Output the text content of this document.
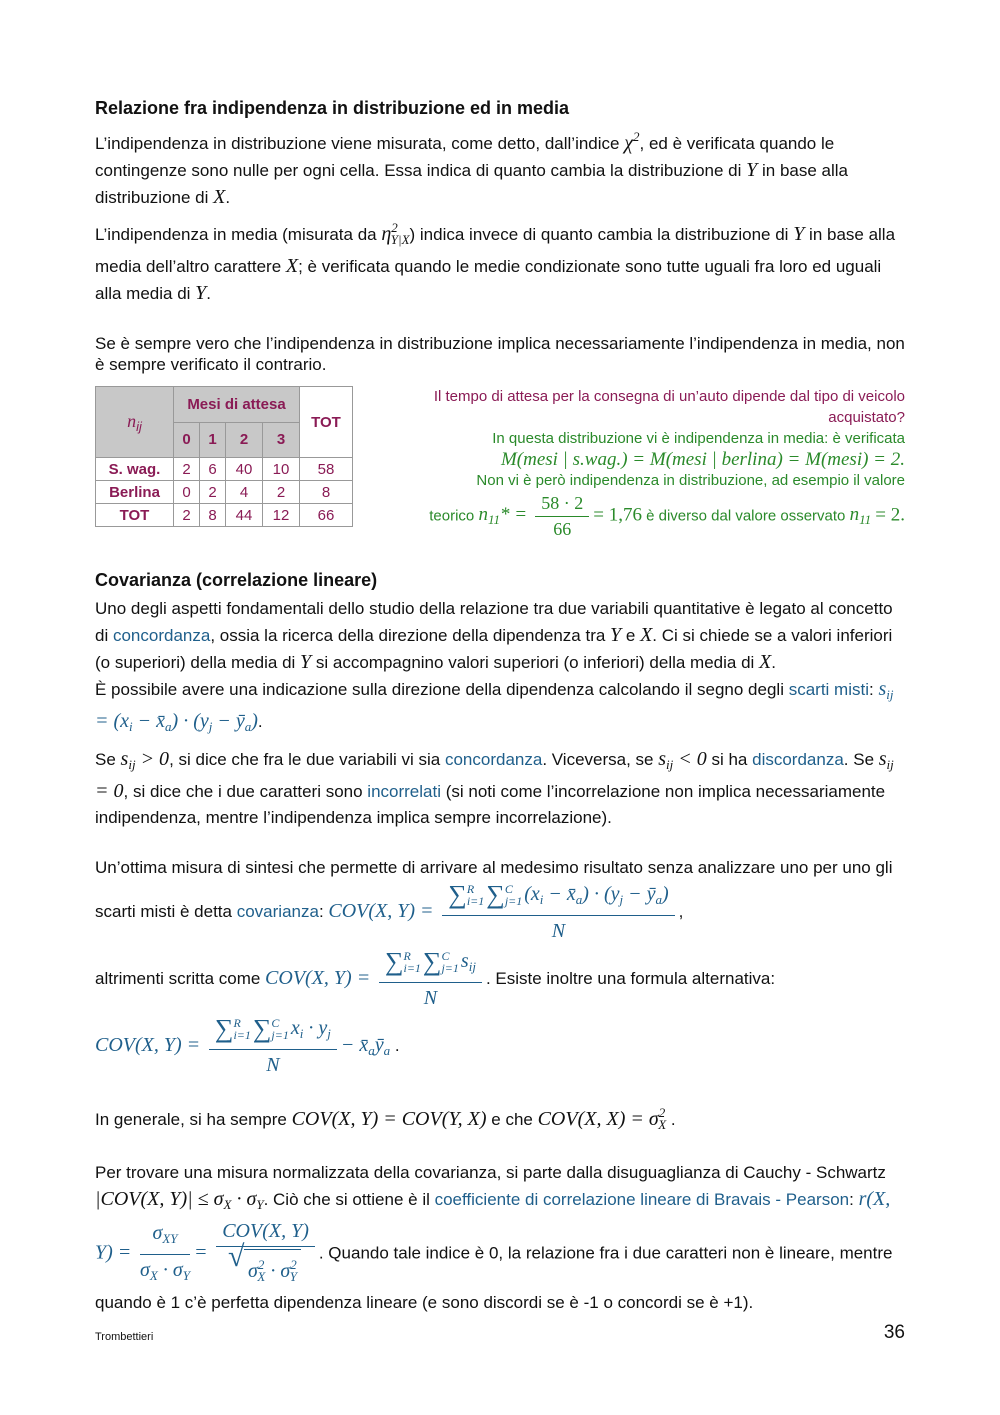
Relazione fra indipendenza in distribuzione ed in media

L’indipendenza in distribuzione viene misurata, come detto, dall’indice $\chi^2$, ed è verificata quando le contingenze sono nulle per ogni cella. Essa indica di quanto cambia la distribuzione di Y in base alla distribuzione di X.

L’indipendenza in media (misurata da $\eta^2_{Y|X}$) indica invece di quanto cambia la distribuzione di Y in base alla media dell’altro carattere X; è verificata quando le medie condizionate sono tutte uguali fra loro ed uguali alla media di Y.

Se è sempre vero che l’indipendenza in distribuzione implica necessariamente l’indipendenza in media, non è sempre verificato il contrario.

nij	Mesi di attesa				TOT
	0	1	2	3	
S. wag.	2	6	40	10	58
Berlina	0	2	4	2	8
TOT	2	8	44	12	66
Il tempo di attesa per la consegna di un’auto dipende dal tipo di veicolo acquistato?
In questa distribuzione vi è indipendenza in media: è verificata
M(mesi | s.wag.) = M(mesi | berlina) = M(mesi) = 2.
Non vi è però indipendenza in distribuzione, ad esempio il valore
teorico $n_{11}* = \frac{58 \cdot 2}{66} = 1,76$ è diverso dal valore osservato $n_{11} = 2$.
Covarianza (correlazione lineare)

Uno degli aspetti fondamentali dello studio della relazione tra due variabili quantitative è legato al concetto di concordanza, ossia la ricerca della direzione della dipendenza tra Y e X. Ci si chiede se a valori inferiori (o superiori) della media di Y si accompagnino valori superiori (o inferiori) della media di X.

È possibile avere una indicazione sulla direzione della dipendenza calcolando il segno degli scarti misti: $s_{ij} = (x_i$ − $x̄_a) \cdot (y_j$ − $ȳ_a$).

Se $s_{ij} > 0$, si dice che fra le due variabili vi sia concordanza. Viceversa, se $s_{ij} < 0$ si ha discordanza. Se $s_{ij} = 0$, si dice che i due caratteri sono incorrelati (si noti come l’incorrelazione non implica necessariamente indipendenza, mentre l’indipendenza implica sempre incorrelazione).

Un’ottima misura di sintesi che permette di arrivare al medesimo risultato senza analizzare uno per uno gli scarti misti è detta covarianza: COV(X, Y) =
∑R
i=1∑C
j=1 ($x_i$ − $x̄_a) \cdot (y_j$ − $ȳ_a$)
N
,

altrimenti scritta come COV(X, Y) =
∑R
i=1∑C
j=1 $s_{ij}$
N
. Esiste inoltre una formula alternativa:

COV(X, Y) =
∑R
i=1∑C
j=1 $x_i \cdot y_j$
N
− $x̄_aȳ_a$ .

In generale, si ha sempre COV(X, Y) = COV(Y, X) e che COV(X, $X) = \sigma^2_X$ .

Per trovare una misura normalizzata della covarianza, si parte dalla disuguaglianza di Cauchy - Schwartz |COV(X, $Y)| \le \sigma_X \cdot \sigma_Y$. Ciò che si ottiene è il coefficiente di correlazione lineare di Bravais - Pearson: r(X, $Y) = \frac{\sigma_{XY}}{\sigma_X \cdot \sigma_Y} = COV(X$, Y)
√ $\sigma^2_X \cdot \sigma^2_Y$ . Quando tale indice è 0, la relazione fra i due caratteri non è lineare, mentre quando è 1 c’è perfetta dipendenza lineare (e sono discordi se è -1 o concordi se è +1).

Trombettieri	36
